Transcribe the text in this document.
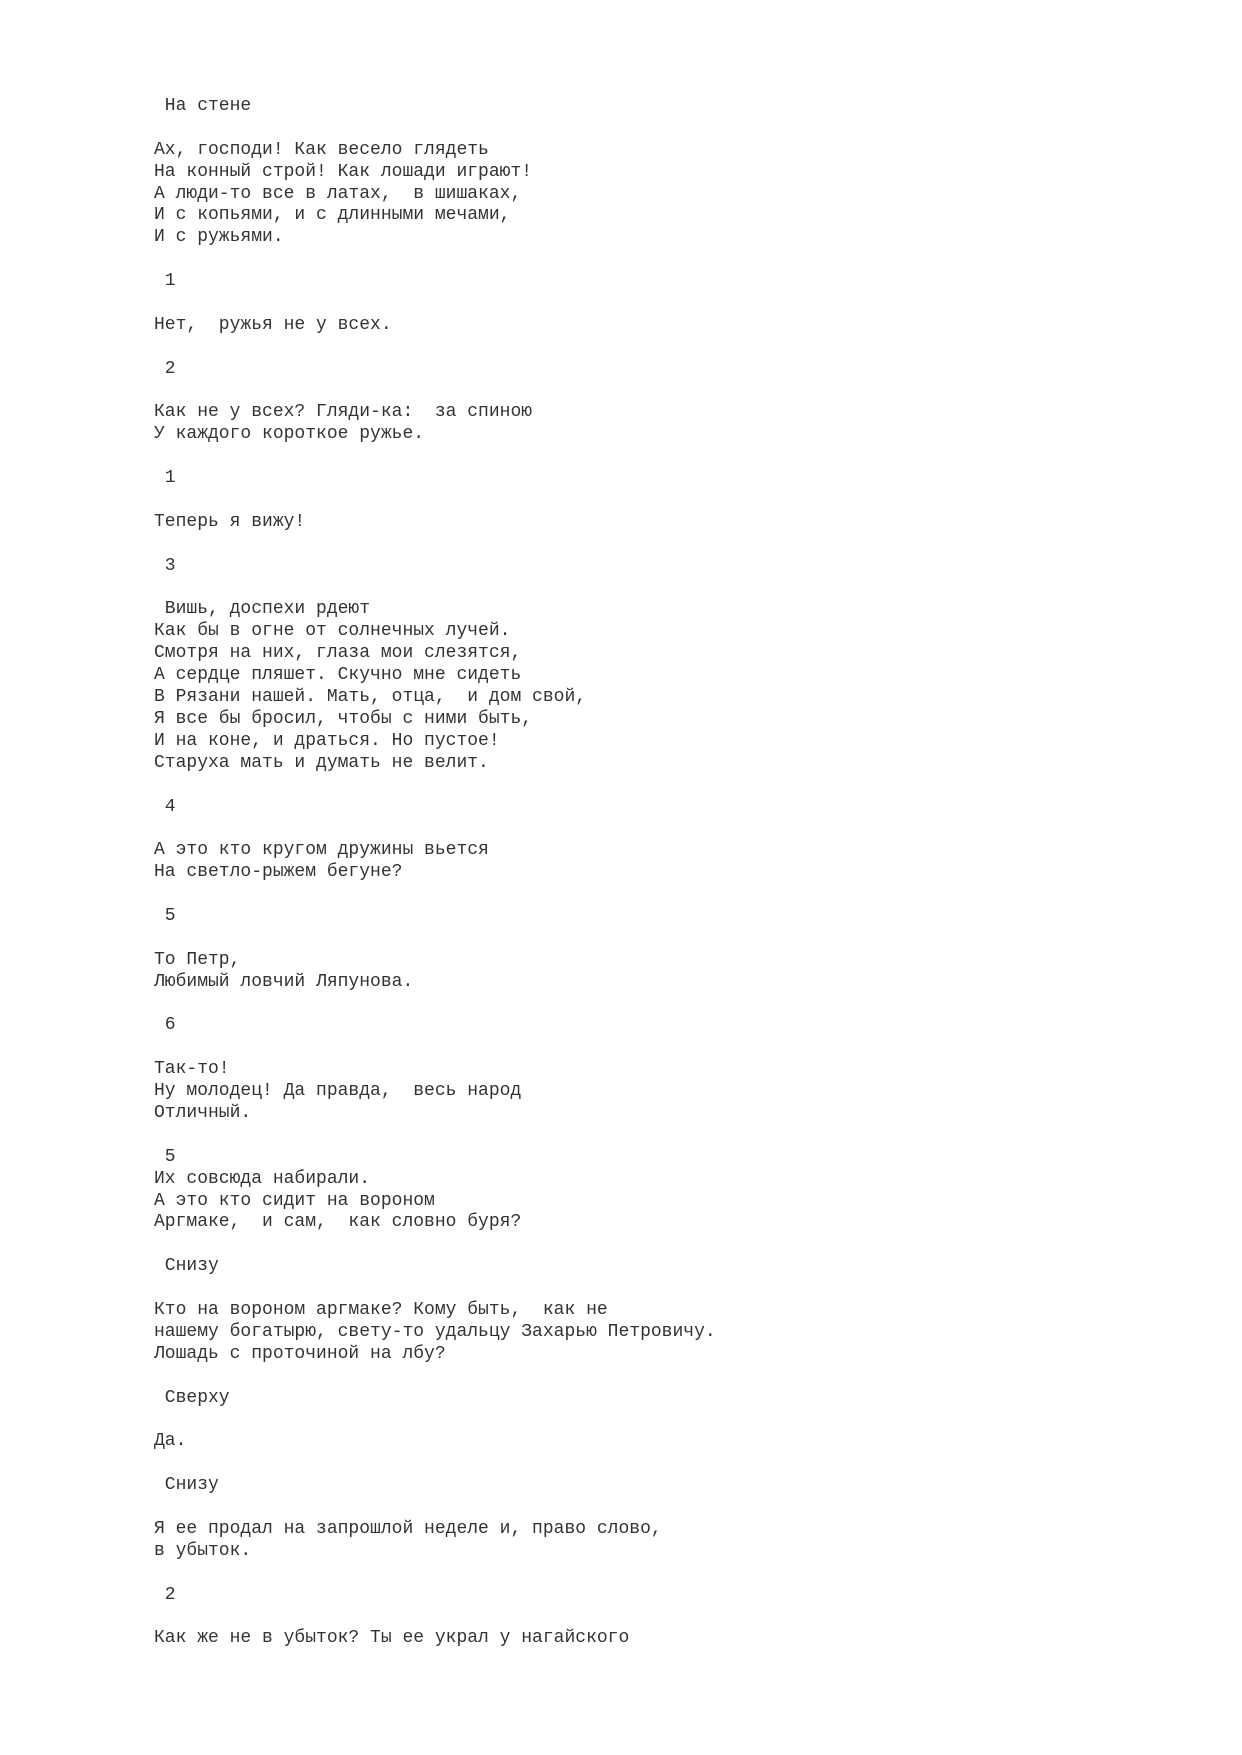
На стене
Ах, господи! Как весело глядеть
На конный строй! Как лошади играют!
А люди-то все в латах,  в шишаках,
И с копьями, и с длинными мечами,
И с ружьями.
1
Нет,  ружья не у всех.
2
Как не у всех? Гляди-ка:  за спиною
У каждого короткое ружье.
1
Теперь я вижу!
3
Вишь, доспехи рдеют
Как бы в огне от солнечных лучей.
Смотря на них, глаза мои слезятся,
А сердце пляшет. Скучно мне сидеть
В Рязани нашей. Мать, отца,  и дом свой,
Я все бы бросил, чтобы с ними быть,
И на коне, и драться. Но пустое!
Старуха мать и думать не велит.
4
А это кто кругом дружины вьется
На светло-рыжем бегуне?
5
То Петр,
Любимый ловчий Ляпунова.
6
Так-то!
Ну молодец! Да правда,  весь народ
Отличный.
5
Их совсюда набирали.
А это кто сидит на вороном
Аргмаке,  и сам,  как словно буря?
Снизу
Кто на вороном аргмаке? Кому быть,  как не
нашему богатырю, свету-то удальцу Захарью Петровичу.
Лошадь с проточиной на лбу?
Сверху
Да.
Снизу
Я ее продал на запрошлой неделе и, право слово,
в убыток.
2
Как же не в убыток? Ты ее украл у нагайского
